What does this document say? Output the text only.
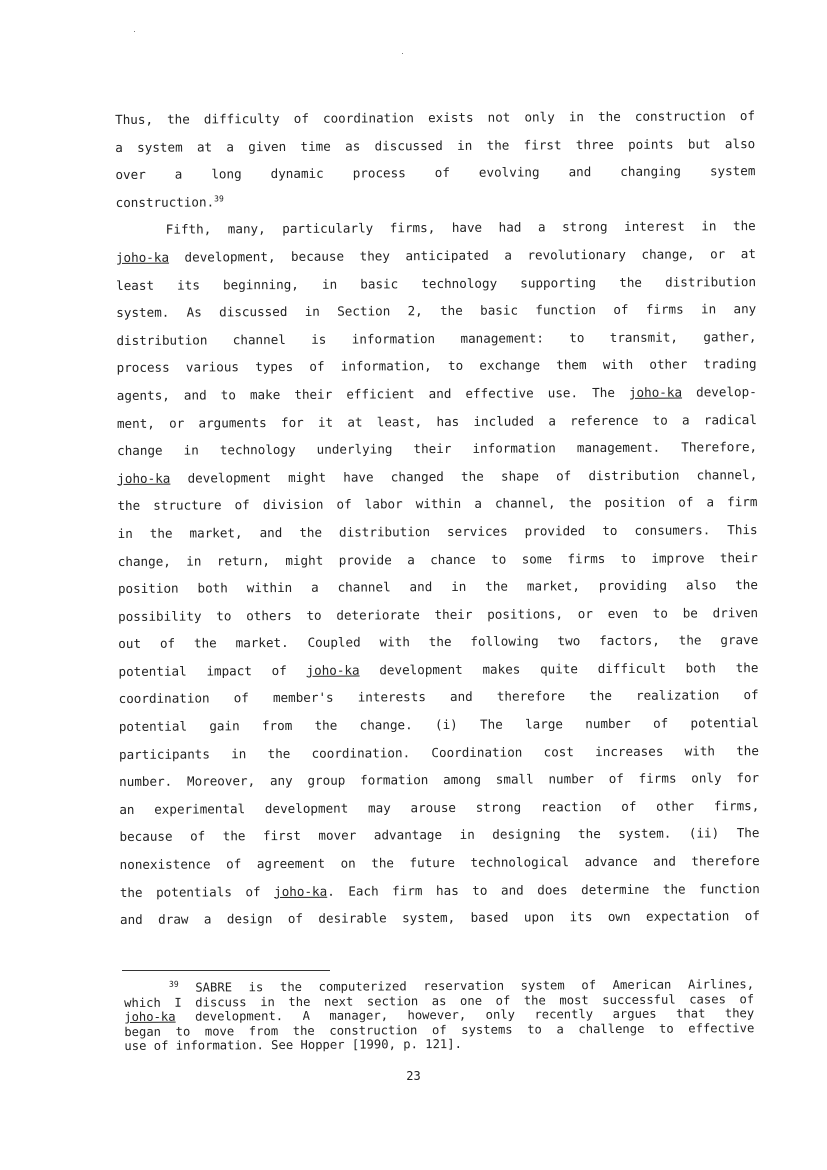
Thus, the difficulty of coordination exists not only in the construction of
a system at a given time as discussed in the first three points but also
over a long dynamic process of evolving and changing system
construction.$^{39}$
Fifth, many, particularly firms, have had a strong interest in the
joho-ka development, because they anticipated a revolutionary change, or at
least its beginning, in basic technology supporting the distribution
system. As discussed in Section 2, the basic function of firms in any
distribution channel is information management: to transmit, gather,
process various types of information, to exchange them with other trading
agents, and to make their efficient and effective use. The joho-ka develop-
ment, or arguments for it at least, has included a reference to a radical
change in technology underlying their information management. Therefore,
joho-ka development might have changed the shape of distribution channel,
the structure of division of labor within a channel, the position of a firm
in the market, and the distribution services provided to consumers. This
change, in return, might provide a chance to some firms to improve their
position both within a channel and in the market, providing also the
possibility to others to deteriorate their positions, or even to be driven
out of the market. Coupled with the following two factors, the grave
potential impact of joho-ka development makes quite difficult both the
coordination of member's interests and therefore the realization of
potential gain from the change. (i) The large number of potential
participants in the coordination. Coordination cost increases with the
number. Moreover, any group formation among small number of firms only for
an experimental development may arouse strong reaction of other firms,
because of the first mover advantage in designing the system. (ii) The
nonexistence of agreement on the future technological advance and therefore
the potentials of joho-ka. Each firm has to and does determine the function
and draw a design of desirable system, based upon its own expectation of
$^{39}$ SABRE is the computerized reservation system of American Airlines,
which I discuss in the next section as one of the most successful cases of
joho-ka development. A manager, however, only recently argues that they
began to move from the construction of systems to a challenge to effective
use of information. See Hopper [1990, p. 121].
23
